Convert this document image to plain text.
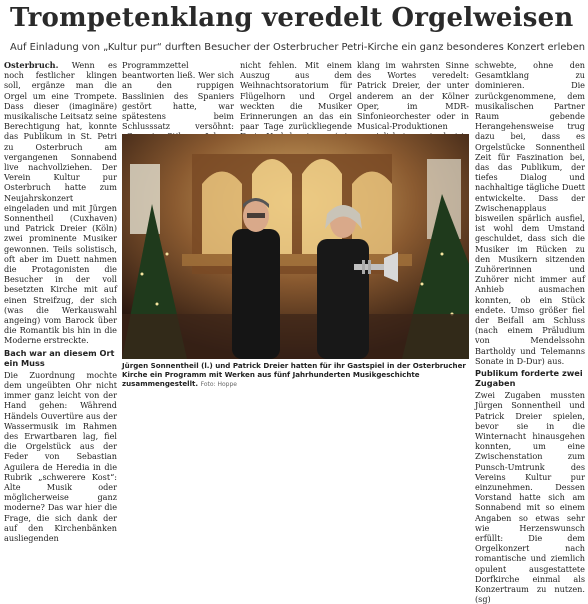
Trompetenklang veredelt Orgelweisen
Auf Einladung von „Kultur pur“ durften Besucher der Osterbrucher Petri-Kirche ein ganz besonderes Konzert erleben

Osterbruch. Wenn es noch festlicher klingen soll, ergänze man die Orgel um eine Trompete. Dass dieser (imaginäre) musikalische Leitsatz seine Berechtigung hat, konnte das Publikum in St. Petri zu Osterbruch am vergangenen Sonnabend live nachvollziehen. Der Verein Kultur pur Osterbruch hatte zum Neujahrskonzert eingeladen und mit Jürgen Sonnentheil (Cuxhaven) und Patrick Dreier (Köln) zwei prominente Musiker gewonnen. Teils solistisch, oft aber im Duett nahmen die Protagonisten die Besucher in der voll besetzten Kirche mit auf einen Streifzug, der sich (was die Werkauswahl angeing) vom Barock über die Romantik bis hin in die Moderne erstreckte.

Bach war an diesem Ort ein Muss

Die Zuordnung mochte dem ungeübten Ohr nicht immer ganz leicht von der Hand gehen: Während Händels Ouvertüre aus der Wassermusik im Rahmen des Erwartbaren lag, fiel die Orgelstück aus der Feder von Sebastian Aguilera de Heredia in die Rubrik „schwerere Kost“: Alte Musik oder möglicherweise ganz moderne? Das war hier die Frage, die sich dank der auf den Kirchenbänken ausliegenden

Programmzettel beantworten ließ. Wer sich an den ruppigen Basslinien des Spaniers gestört hatte, war spätestens beim Schlusssatz versöhnt:

nicht fehlen. Mit einem Auszug aus dem Weihnachtsoratorium für Flügelhorn und Orgel weckten die Musiker Erinnerungen an das ein paar Tage zurückliegende

klang im wahrsten Sinne des Wortes veredelt: Patrick Dreier, der unter anderem an der Kölner Oper, im MDR-Sinfonieorchester oder in Musical-Produktionen

schwebte, ohne den Gesamtklang zu dominieren. Die zurückgenommene, dem musikalischen Partner Raum gebende Herangehensweise trug dazu bei, dass es Orgelstücke Sonnentheil Zeit für Faszination bei, das das Publikum, der tiefes Dialog und nachhaltige tägliche Duett entwickelte. Dass der Zwischenapplaus bisweilen spärlich ausfiel, ist wohl dem Umstand geschuldet, dass sich die Musiker im Rücken zu den Musikern sitzenden Zuhörerinnen und Zuhörer nicht immer auf Anhieb ausmachen konnten, ob ein Stück endete. Umso größer fiel der Beifall am Schluss (nach einem Präludium von Mendelssohn Bartholdy und Telemanns Sonate in D-Dur) aus.

Publikum forderte zwei Zugaben

Zwei Zugaben mussten Jürgen Sonnentheil und Patrick Dreier spielen, bevor sie in die Winternacht hinausgehen konnten, um eine Zwischenstation zum Punsch-Umtrunk des Vereins Kultur pur einzunehmen. Dessen Vorstand hatte sich am Sonnabend mit so einem Angaben so etwas sehr wie Herzenswunsch erfüllt: Die dem Orgelkonzert nach romantische und ziemlich opulent ausgestattete Dorfkirche einmal als Konzertraum zu nutzen. (sg)

Jürgen Sonnentheil (l.) und Patrick Dreier hatten für ihr Gastspiel in der Osterbrucher Kirche ein Programm mit Werken aus fünf Jahrhunderten Musikgeschichte zusammengestellt. Foto: Hoppe
